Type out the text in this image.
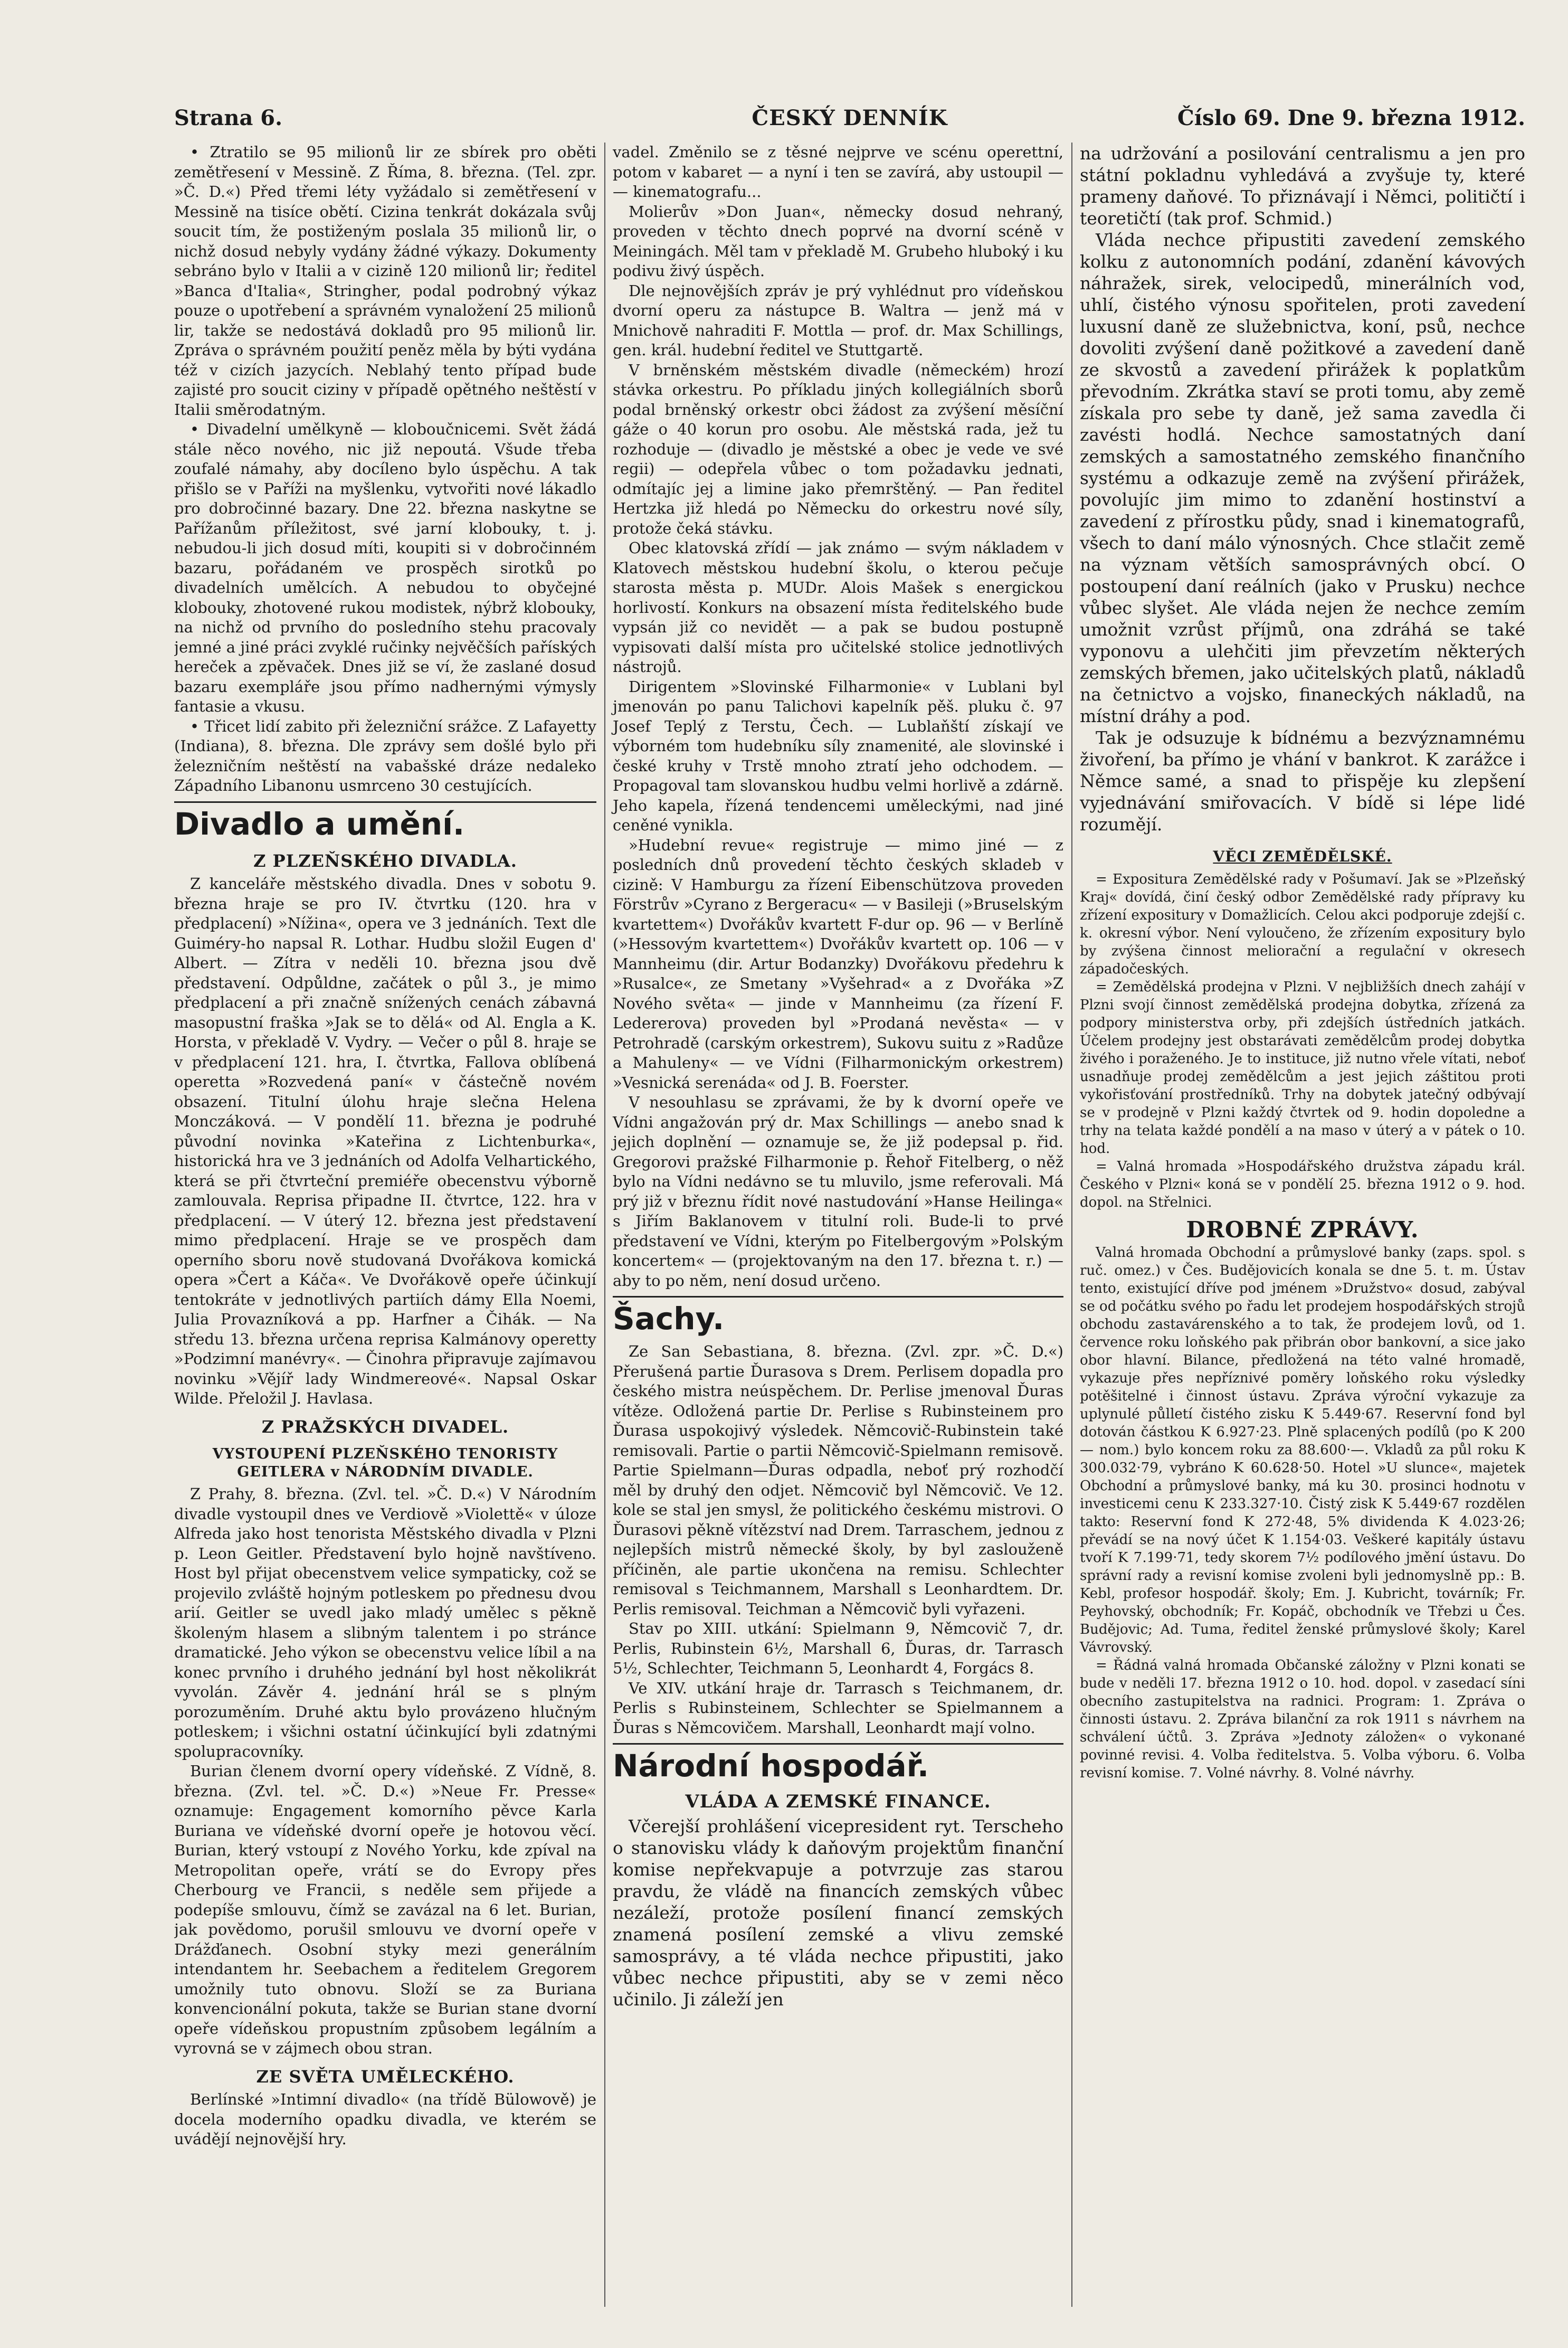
Strana 6.	ČESKÝ DENNÍK	Číslo 69. Dne 9. března 1912.

• Ztratilo se 95 milionů lir ze sbírek pro oběti zemětřesení v Messině. Z Říma, 8. března. (Tel. zpr. »Č. D.«) Před třemi léty vyžádalo si zemětřesení v Messině na tisíce obětí. Cizina tenkrát dokázala svůj soucit tím, že postiženým poslala 35 milionů lir, o nichž dosud nebyly vydány žádné výkazy. Dokumenty sebráno bylo v Italii a v cizině 120 milionů lir; ředitel »Banca d'Italia«, Stringher, podal podrobný výkaz pouze o upotřebení a správném vynaložení 25 milionů lir, takže se nedostává dokladů pro 95 milionů lir. Zpráva o správném použití peněz měla by býti vydána též v cizích jazycích. Neblahý tento případ bude zajisté pro soucit ciziny v případě opětného neštěstí v Italii směrodatným.

• Divadelní umělkyně — kloboučnicemi. Svět žádá stále něco nového, nic již nepoutá. Všude třeba zoufalé námahy, aby docíleno bylo úspěchu. A tak přišlo se v Paříži na myšlenku, vytvořiti nové lákadlo pro dobročinné bazary. Dne 22. března naskytne se Pařížanům příležitost, své jarní klobouky, t. j. nebudou-li jich dosud míti, koupiti si v dobročinném bazaru, pořádaném ve prospěch sirotků po divadelních umělcích. A nebudou to obyčejné klobouky, zhotovené rukou modistek, nýbrž klobouky, na nichž od prvního do posledního stehu pracovaly jemné a jiné práci zvyklé ručinky nejvěčších paříských hereček a zpěvaček. Dnes již se ví, že zaslané dosud bazaru exempláře jsou přímo nadhernými výmysly fantasie a vkusu.

• Třicet lidí zabito při železniční srážce. Z Lafayetty (Indiana), 8. března. Dle zprávy sem došlé bylo při železničním neštěstí na vabašské dráze nedaleko Západního Libanonu usmrceno 30 cestujících.

Divadlo a umění.
Z PLZEŇSKÉHO DIVADLA.

Z kanceláře městského divadla. Dnes v sobotu 9. března hraje se pro IV. čtvrtku (120. hra v předplacení) »Nížina«, opera ve 3 jednáních. Text dle Guiméry-ho napsal R. Lothar. Hudbu složil Eugen d' Albert. — Zítra v neděli 10. března jsou dvě představení. Odpůldne, začátek o půl 3., je mimo předplacení a při značně snížených cenách zábavná masopustní fraška »Jak se to dělá« od Al. Engla a K. Horsta, v překladě V. Vydry. — Večer o půl 8. hraje se v předplacení 121. hra, I. čtvrtka, Fallova oblíbená operetta »Rozvedená paní« v částečně novém obsazení. Titulní úlohu hraje slečna Helena Monczáková. — V pondělí 11. března je podruhé původní novinka »Kateřina z Lichtenburka«, historická hra ve 3 jednáních od Adolfa Velhartického, která se při čtvrteční premiéře obecenstvu výborně zamlouvala. Reprisa připadne II. čtvrtce, 122. hra v předplacení. — V úterý 12. března jest představení mimo předplacení. Hraje se ve prospěch dam operního sboru nově studovaná Dvořákova komická opera »Čert a Káča«. Ve Dvořákově opeře účinkují tentokráte v jednotlivých partiích dámy Ella Noemi, Julia Provazníková a pp. Harfner a Čihák. — Na středu 13. března určena reprisa Kalmánovy operetty »Podzimní manévry«. — Činohra připravuje zajímavou novinku »Vějíř lady Windmereové«. Napsal Oskar Wilde. Přeložil J. Havlasa.

Z PRAŽSKÝCH DIVADEL.
VYSTOUPENÍ PLZEŇSKÉHO TENORISTY GEITLERA v NÁRODNÍM DIVADLE.

Z Prahy, 8. března. (Zvl. tel. »Č. D.«) V Národním divadle vystoupil dnes ve Verdiově »Violettě« v úloze Alfreda jako host tenorista Městského divadla v Plzni p. Leon Geitler. Představení bylo hojně navštíveno. Host byl přijat obecenstvem velice sympaticky, což se projevilo zvláště hojným potleskem po přednesu dvou arií. Geitler se uvedl jako mladý umělec s pěkně školeným hlasem a slibným talentem i po stránce dramatické. Jeho výkon se obecenstvu velice líbil a na konec prvního i druhého jednání byl host několikrát vyvolán. Závěr 4. jednání hrál se s plným porozuměním. Druhé aktu bylo provázeno hlučným potleskem; i všichni ostatní účinkující byli zdatnými spolupracovníky.

Burian členem dvorní opery vídeňské. Z Vídně, 8. března. (Zvl. tel. »Č. D.«) »Neue Fr. Presse« oznamuje: Engagement komorního pěvce Karla Buriana ve vídeňské dvorní opeře je hotovou věcí. Burian, který vstoupí z Nového Yorku, kde zpíval na Metropolitan opeře, vrátí se do Evropy přes Cherbourg ve Francii, s neděle sem přijede a podepíše smlouvu, čímž se zavázal na 6 let. Burian, jak povědomo, porušil smlouvu ve dvorní opeře v Drážďanech. Osobní styky mezi generálním intendantem hr. Seebachem a ředitelem Gregorem umožnily tuto obnovu. Složí se za Buriana konvencionální pokuta, takže se Burian stane dvorní opeře vídeňskou propustním způsobem legálním a vyrovná se v zájmech obou stran.

ZE SVĚTA UMĚLECKÉHO.

Berlínské »Intimní divadlo« (na třídě Bülowově) je docela moderního opadku divadla, ve kterém se uvádějí nejnovější hry.

vadel. Změnilo se z těsné nejprve ve scénu operettní, potom v kabaret — a nyní i ten se zavírá, aby ustoupil — — kinematografu...

Molierův »Don Juan«, německy dosud nehraný, proveden v těchto dnech poprvé na dvorní scéně v Meiningách. Měl tam v překladě M. Grubeho hluboký i ku podivu živý úspěch.

Dle nejnovějších zpráv je prý vyhlédnut pro vídeňskou dvorní operu za nástupce B. Waltra — jenž má v Mnichově nahraditi F. Mottla — prof. dr. Max Schillings, gen. král. hudební ředitel ve Stuttgartě.

V brněnském městském divadle (německém) hrozí stávka orkestru. Po příkladu jiných kollegiálních sborů podal brněnský orkestr obci žádost za zvýšení měsíční gáže o 40 korun pro osobu. Ale městská rada, jež tu rozhoduje — (divadlo je městské a obec je vede ve své regii) — odepřela vůbec o tom požadavku jednati, odmítajíc jej a limine jako přemrštěný. — Pan ředitel Hertzka již hledá po Německu do orkestru nové síly, protože čeká stávku.

Obec klatovská zřídí — jak známo — svým nákladem v Klatovech městskou hudební školu, o kterou pečuje starosta města p. MUDr. Alois Mašek s energickou horlivostí. Konkurs na obsazení místa ředitelského bude vypsán již co nevidět — a pak se budou postupně vypisovati další místa pro učitelské stolice jednotlivých nástrojů.

Dirigentem »Slovinské Filharmonie« v Lublani byl jmenován po panu Talichovi kapelník pěš. pluku č. 97 Josef Teplý z Terstu, Čech. — Lublaňští získají ve výborném tom hudebníku síly znamenité, ale slovinské i české kruhy v Trstě mnoho ztratí jeho odchodem. — Propagoval tam slovanskou hudbu velmi horlivě a zdárně. Jeho kapela, řízená tendencemi uměleckými, nad jiné ceněné vynikla.

»Hudební revue« registruje — mimo jiné — z posledních dnů provedení těchto českých skladeb v cizině: V Hamburgu za řízení Eibenschützova proveden Förstrův »Cyrano z Bergeracu« — v Basileji (»Bruselským kvartettem«) Dvořákův kvartett F-dur op. 96 — v Berlíně (»Hessovým kvartettem«) Dvořákův kvartett op. 106 — v Mannheimu (dir. Artur Bodanzky) Dvořákovu předehru k »Rusalce«, ze Smetany »Vyšehrad« a z Dvořáka »Z Nového světa« — jinde v Mannheimu (za řízení F. Ledererova) proveden byl »Prodaná nevěsta« — v Petrohradě (carským orkestrem), Sukovu suitu z »Radůze a Mahuleny« — ve Vídni (Filharmonickým orkestrem) »Vesnická serenáda« od J. B. Foerster.

V nesouhlasu se zprávami, že by k dvorní opeře ve Vídni angažován prý dr. Max Schillings — anebo snad k jejich doplnění — oznamuje se, že již podepsal p. řid. Gregorovi pražské Filharmonie p. Řehoř Fitelberg, o něž bylo na Vídni nedávno se tu mluvilo, jsme referovali. Má prý již v březnu řídit nové nastudování »Hanse Heilinga« s Jiřím Baklanovem v titulní roli. Bude-li to prvé představení ve Vídni, kterým po Fitelbergovým »Polským koncertem« — (projektovaným na den 17. března t. r.) — aby to po něm, není dosud určeno.

Šachy.

Ze San Sebastiana, 8. března. (Zvl. zpr. »Č. D.«) Přerušená partie Ďurasova s Drem. Perlisem dopadla pro českého mistra neúspěchem. Dr. Perlise jmenoval Ďuras vítěze. Odložená partie Dr. Perlise s Rubinsteinem pro Ďurasa uspokojivý výsledek. Němcovič-Rubinstein také remisovali. Partie o partii Němcovič-Spielmann remisově. Partie Spielmann—Ďuras odpadla, neboť prý rozhodčí měl by druhý den odjet. Němcovič byl Němcovič. Ve 12. kole se stal jen smysl, že politického českému mistrovi. O Ďurasovi pěkně vítězství nad Drem. Tarraschem, jednou z nejlepších mistrů německé školy, by byl zaslouženě příčiněn, ale partie ukončena na remisu. Schlechter remisoval s Teichmannem, Marshall s Leonhardtem. Dr. Perlis remisoval. Teichman a Němcovič byli vyřazeni.

Stav po XIII. utkání: Spielmann 9, Němcovič 7, dr. Perlis, Rubinstein 6½, Marshall 6, Ďuras, dr. Tarrasch 5½, Schlechter, Teichmann 5, Leonhardt 4, Forgács 8.

Ve XIV. utkání hraje dr. Tarrasch s Teichmanem, dr. Perlis s Rubinsteinem, Schlechter se Spielmannem a Ďuras s Němcovičem. Marshall, Leonhardt mají volno.

Národní hospodář.
VLÁDA A ZEMSKÉ FINANCE.

Včerejší prohlášení vicepresident ryt. Terscheho o stanovisku vlády k daňovým projektům finanční komise nepřekvapuje a potvrzuje zas starou pravdu, že vládě na financích zemských vůbec nezáleží, protože posílení financí zemských znamená posílení zemské a vlivu zemské samosprávy, a té vláda nechce připustiti, jako vůbec nechce připustiti, aby se v zemi něco učinilo. Ji záleží jen

na udržování a posilování centralismu a jen pro státní pokladnu vyhledává a zvyšuje ty, které prameny daňové. To přiznávají i Němci, političtí i teoretičtí (tak prof. Schmid.)

Vláda nechce připustiti zavedení zemského kolku z autonomních podání, zdanění kávových náhražek, sirek, velocipedů, minerálních vod, uhlí, čistého výnosu spořitelen, proti zavedení luxusní daně ze služebnictva, koní, psů, nechce dovoliti zvýšení daně požitkové a zavedení daně ze skvostů a zavedení přirážek k poplatkům převodním. Zkrátka staví se proti tomu, aby země získala pro sebe ty daně, jež sama zavedla či zavésti hodlá. Nechce samostatných daní zemských a samostatného zemského finančního systému a odkazuje země na zvýšení přirážek, povolujíc jim mimo to zdanění hostinství a zavedení z přírostku půdy, snad i kinematografů, všech to daní málo výnosných. Chce stlačit země na význam větších samosprávných obcí. O postoupení daní reálních (jako v Prusku) nechce vůbec slyšet. Ale vláda nejen že nechce zemím umožnit vzrůst příjmů, ona zdráhá se také vyponovu a ulehčiti jim převzetím některých zemských břemen, jako učitelských platů, nákladů na četnictvo a vojsko, finaneckých nákladů, na místní dráhy a pod.

Tak je odsuzuje k bídnému a bezvýznamnému živoření, ba přímo je vhání v bankrot. K zarážce i Němce samé, a snad to přispěje ku zlepšení vyjednávání smiřovacích. V bídě si lépe lidé rozumějí.

VĚCI ZEMĚDĚLSKÉ.

= Expositura Zemědělské rady v Pošumaví. Jak se »Plzeňský Kraj« dovídá, činí český odbor Zemědělské rady přípravy ku zřízení expositury v Domažlicích. Celou akci podporuje zdejší c. k. okresní výbor. Není vyloučeno, že zřízením expositury bylo by zvýšena činnost meliorační a regulační v okresech západočeských.

= Zemědělská prodejna v Plzni. V nejbližších dnech zahájí v Plzni svojí činnost zemědělská prodejna dobytka, zřízená za podpory ministerstva orby, při zdejších ústředních jatkách. Účelem prodejny jest obstarávati zemědělcům prodej dobytka živého i poraženého. Je to instituce, již nutno vřele vítati, neboť usnadňuje prodej zemědělcům a jest jejich záštitou proti vykořisťování prostředníků. Trhy na dobytek jatečný odbývají se v prodejně v Plzni každý čtvrtek od 9. hodin dopoledne a trhy na telata každé pondělí a na maso v úterý a v pátek o 10. hod.

= Valná hromada »Hospodářského družstva západu král. Českého v Plzni« koná se v pondělí 25. března 1912 o 9. hod. dopol. na Střelnici.

DROBNÉ ZPRÁVY.

Valná hromada Obchodní a průmyslové banky (zaps. spol. s ruč. omez.) v Čes. Budějovicích konala se dne 5. t. m. Ústav tento, existující dříve pod jménem »Družstvo« dosud, zabýval se od počátku svého po řadu let prodejem hospodářských strojů obchodu zastavárenského a to tak, že prodejem lovů, od 1. července roku loňského pak přibrán obor bankovní, a sice jako obor hlavní. Bilance, předložená na této valné hromadě, vykazuje přes nepříznivé poměry loňského roku výsledky potěšitelné i činnost ústavu. Zpráva výroční vykazuje za uplynulé půlletí čistého zisku K 5.449·67. Reservní fond byl dotován částkou K 6.927·23. Plně splacených podílů (po K 200— nom.) bylo koncem roku za 88.600·—. Vkladů za půl roku K 300.032·79, vybráno K 60.628·50. Hotel »U slunce«, majetek Obchodní a průmyslové banky, má ku 30. prosinci hodnotu v investicemi cenu K 233.327·10. Čistý zisk K 5.449·67 rozdělen takto: Reservní fond K 272·48, 5% dividenda K 4.023·26; převádí se na nový účet K 1.154·03. Veškeré kapitály ústavu tvoří K 7.199·71, tedy skorem 7½ podílového jmění ústavu. Do správní rady a revisní komise zvoleni byli jednomyslně pp.: B. Kebl, profesor hospodář. školy; Em. J. Kubricht, továrník; Fr. Peyhovský, obchodník; Fr. Kopáč, obchodník ve Třebzi u Čes. Budějovic; Ad. Tuma, ředitel ženské průmyslové školy; Karel Vávrovský.

= Řádná valná hromada Občanské záložny v Plzni konati se bude v neděli 17. března 1912 o 10. hod. dopol. v zasedací síni obecního zastupitelstva na radnici. Program: 1. Zpráva o činnosti ústavu. 2. Zpráva bilanční za rok 1911 s návrhem na schválení účtů. 3. Zpráva »Jednoty záložen« o vykonané povinné revisi. 4. Volba ředitelstva. 5. Volba výboru. 6. Volba revisní komise. 7. Volné návrhy. 8. Volné návrhy.
